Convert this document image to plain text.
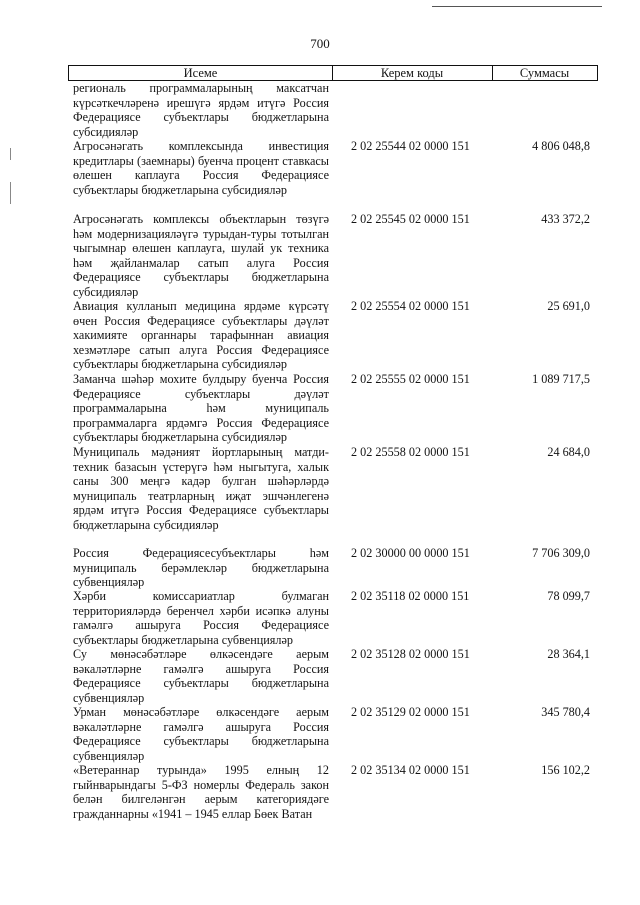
700
Исеме	Керем коды	Суммасы
региональ программаларының максатчан күрсәткечләренә ирешүгә ярдәм итүгә Россия Федерациясе субъектлары бюджетларына субсидияләр
Агросәнәгать комплексында инвестиция кредитлары (заемнары) буенча процент ставкасы өлешен каплауга Россия Федерациясе субъектлары бюджетларына субсидияләр
2 02 25544 02 0000 151	4 806 048,8
Агросәнәгать комплексы объектларын төзүгә һәм модернизацияләүгә турыдан-туры тотылган чыгымнар өлешен каплауга, шулай ук техника һәм җайланмалар сатып алуга Россия Федерациясе субъектлары бюджетларына субсидияләр
2 02 25545 02 0000 151	433 372,2
Авиация кулланып медицина ярдәме күрсәтү өчен Россия Федерациясе субъектлары дәүләт хакимияте органнары тарафыннан авиация хезмәтләре сатып алуга Россия Федерациясе субъектлары бюджетларына субсидияләр
2 02 25554 02 0000 151	25 691,0
Заманча шәһәр мохите булдыру буенча Россия Федерациясе субъектлары дәүләт программаларына һәм муниципаль программаларга ярдәмгә Россия Федерациясе субъектлары бюджетларына субсидияләр
2 02 25555 02 0000 151	1 089 717,5
Муниципаль мәдәният йортларының матди-техник базасын үстерүгә һәм ныгытуга, халык саны 300 меңгә кадәр булган шәһәрләрдә муниципаль театрларның иҗат эшчәнлегенә ярдәм итүгә Россия Федерациясе субъектлары бюджетларына субсидияләр
2 02 25558 02 0000 151	24 684,0
Россия Федерациясесубъектлары һәм муниципаль берәмлекләр бюджетларына субвенцияләр
2 02 30000 00 0000 151	7 706 309,0
Хәрби комиссариатлар булмаган территорияләрдә беренчел хәрби исәпкә алуны гамәлгә ашыруга Россия Федерациясе субъектлары бюджетларына субвенцияләр
2 02 35118 02 0000 151	78 099,7
Су мөнәсәбәтләре өлкәсендәге аерым вәкаләтләрне гамәлгә ашыруга Россия Федерациясе субъектлары бюджетларына субвенцияләр
2 02 35128 02 0000 151	28 364,1
Урман мөнәсәбәтләре өлкәсендәге аерым вәкаләтләрне гамәлгә ашыруга Россия Федерациясе субъектлары бюджетларына субвенцияләр
2 02 35129 02 0000 151	345 780,4
«Ветераннар турында» 1995 елның 12 гыйнварындагы 5-ФЗ номерлы Федераль закон белән билгеләнгән аерым категориядәге гражданнарны «1941 – 1945 еллар Бөек Ватан
2 02 35134 02 0000 151	156 102,2
